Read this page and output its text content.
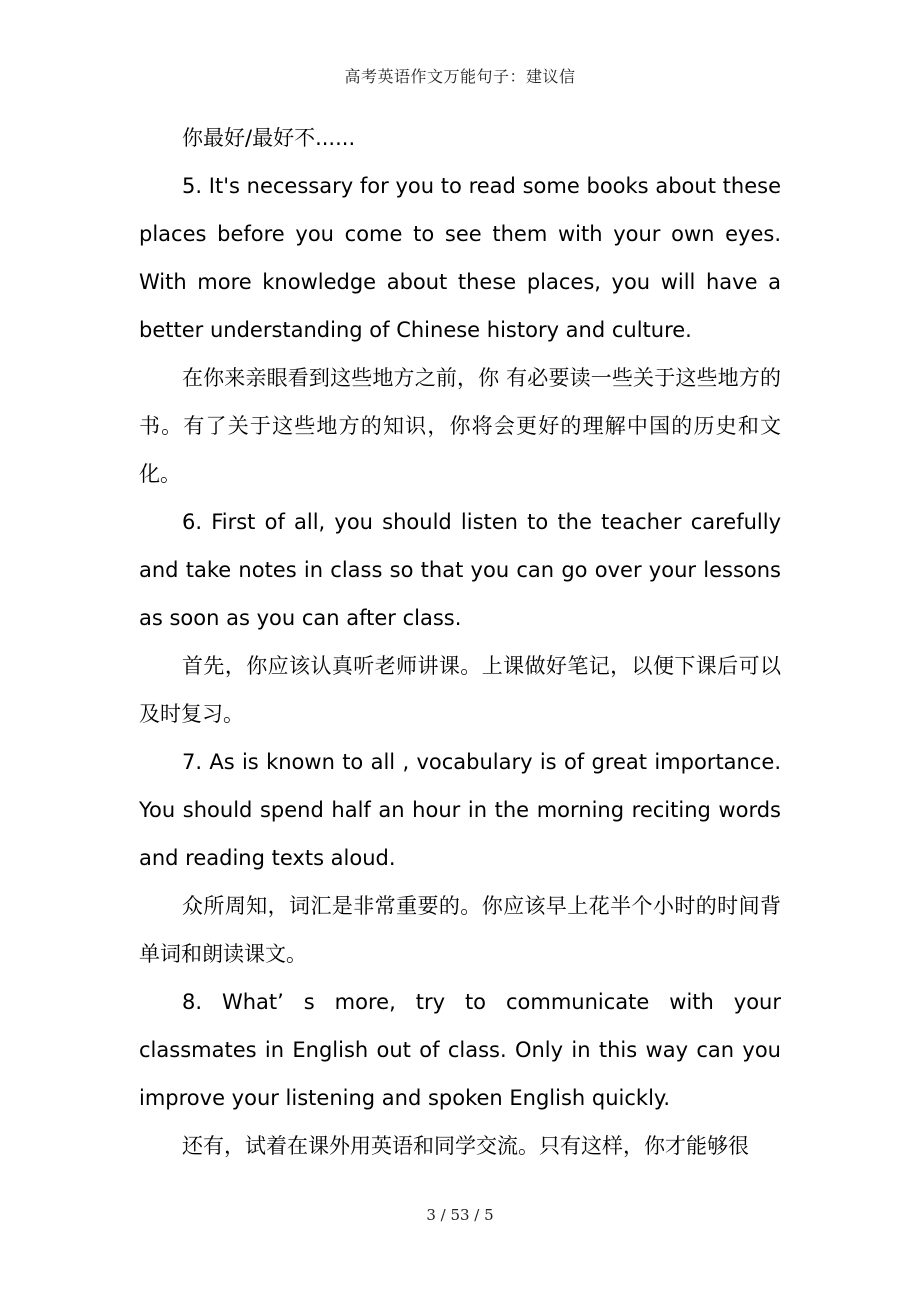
高考英语作文万能句子：建议信

你最好/最好不......

5. It's necessary for you to read some books about these places before you come to see them with your own eyes. With more knowledge about these places, you will have a better understanding of Chinese history and culture.

在你来亲眼看到这些地方之前，你 有必要读一些关于这些地方的书。有了关于这些地方的知识，你将会更好的理解中国的历史和文化。

6. First of all, you should listen to the teacher carefully and take notes in class so that you can go over your lessons as soon as you can after class.

首先，你应该认真听老师讲课。上课做好笔记，以便下课后可以及时复习。

7. As is known to all , vocabulary is of great importance. You should spend half an hour in the morning reciting words and reading texts aloud.

众所周知，词汇是非常重要的。你应该早上花半个小时的时间背单词和朗读课文。

8. What’ s more, try to communicate with your classmates in English out of class. Only in this way can you improve your listening and spoken English quickly.

还有，试着在课外用英语和同学交流。只有这样，你才能够很

3 / 53 / 5
